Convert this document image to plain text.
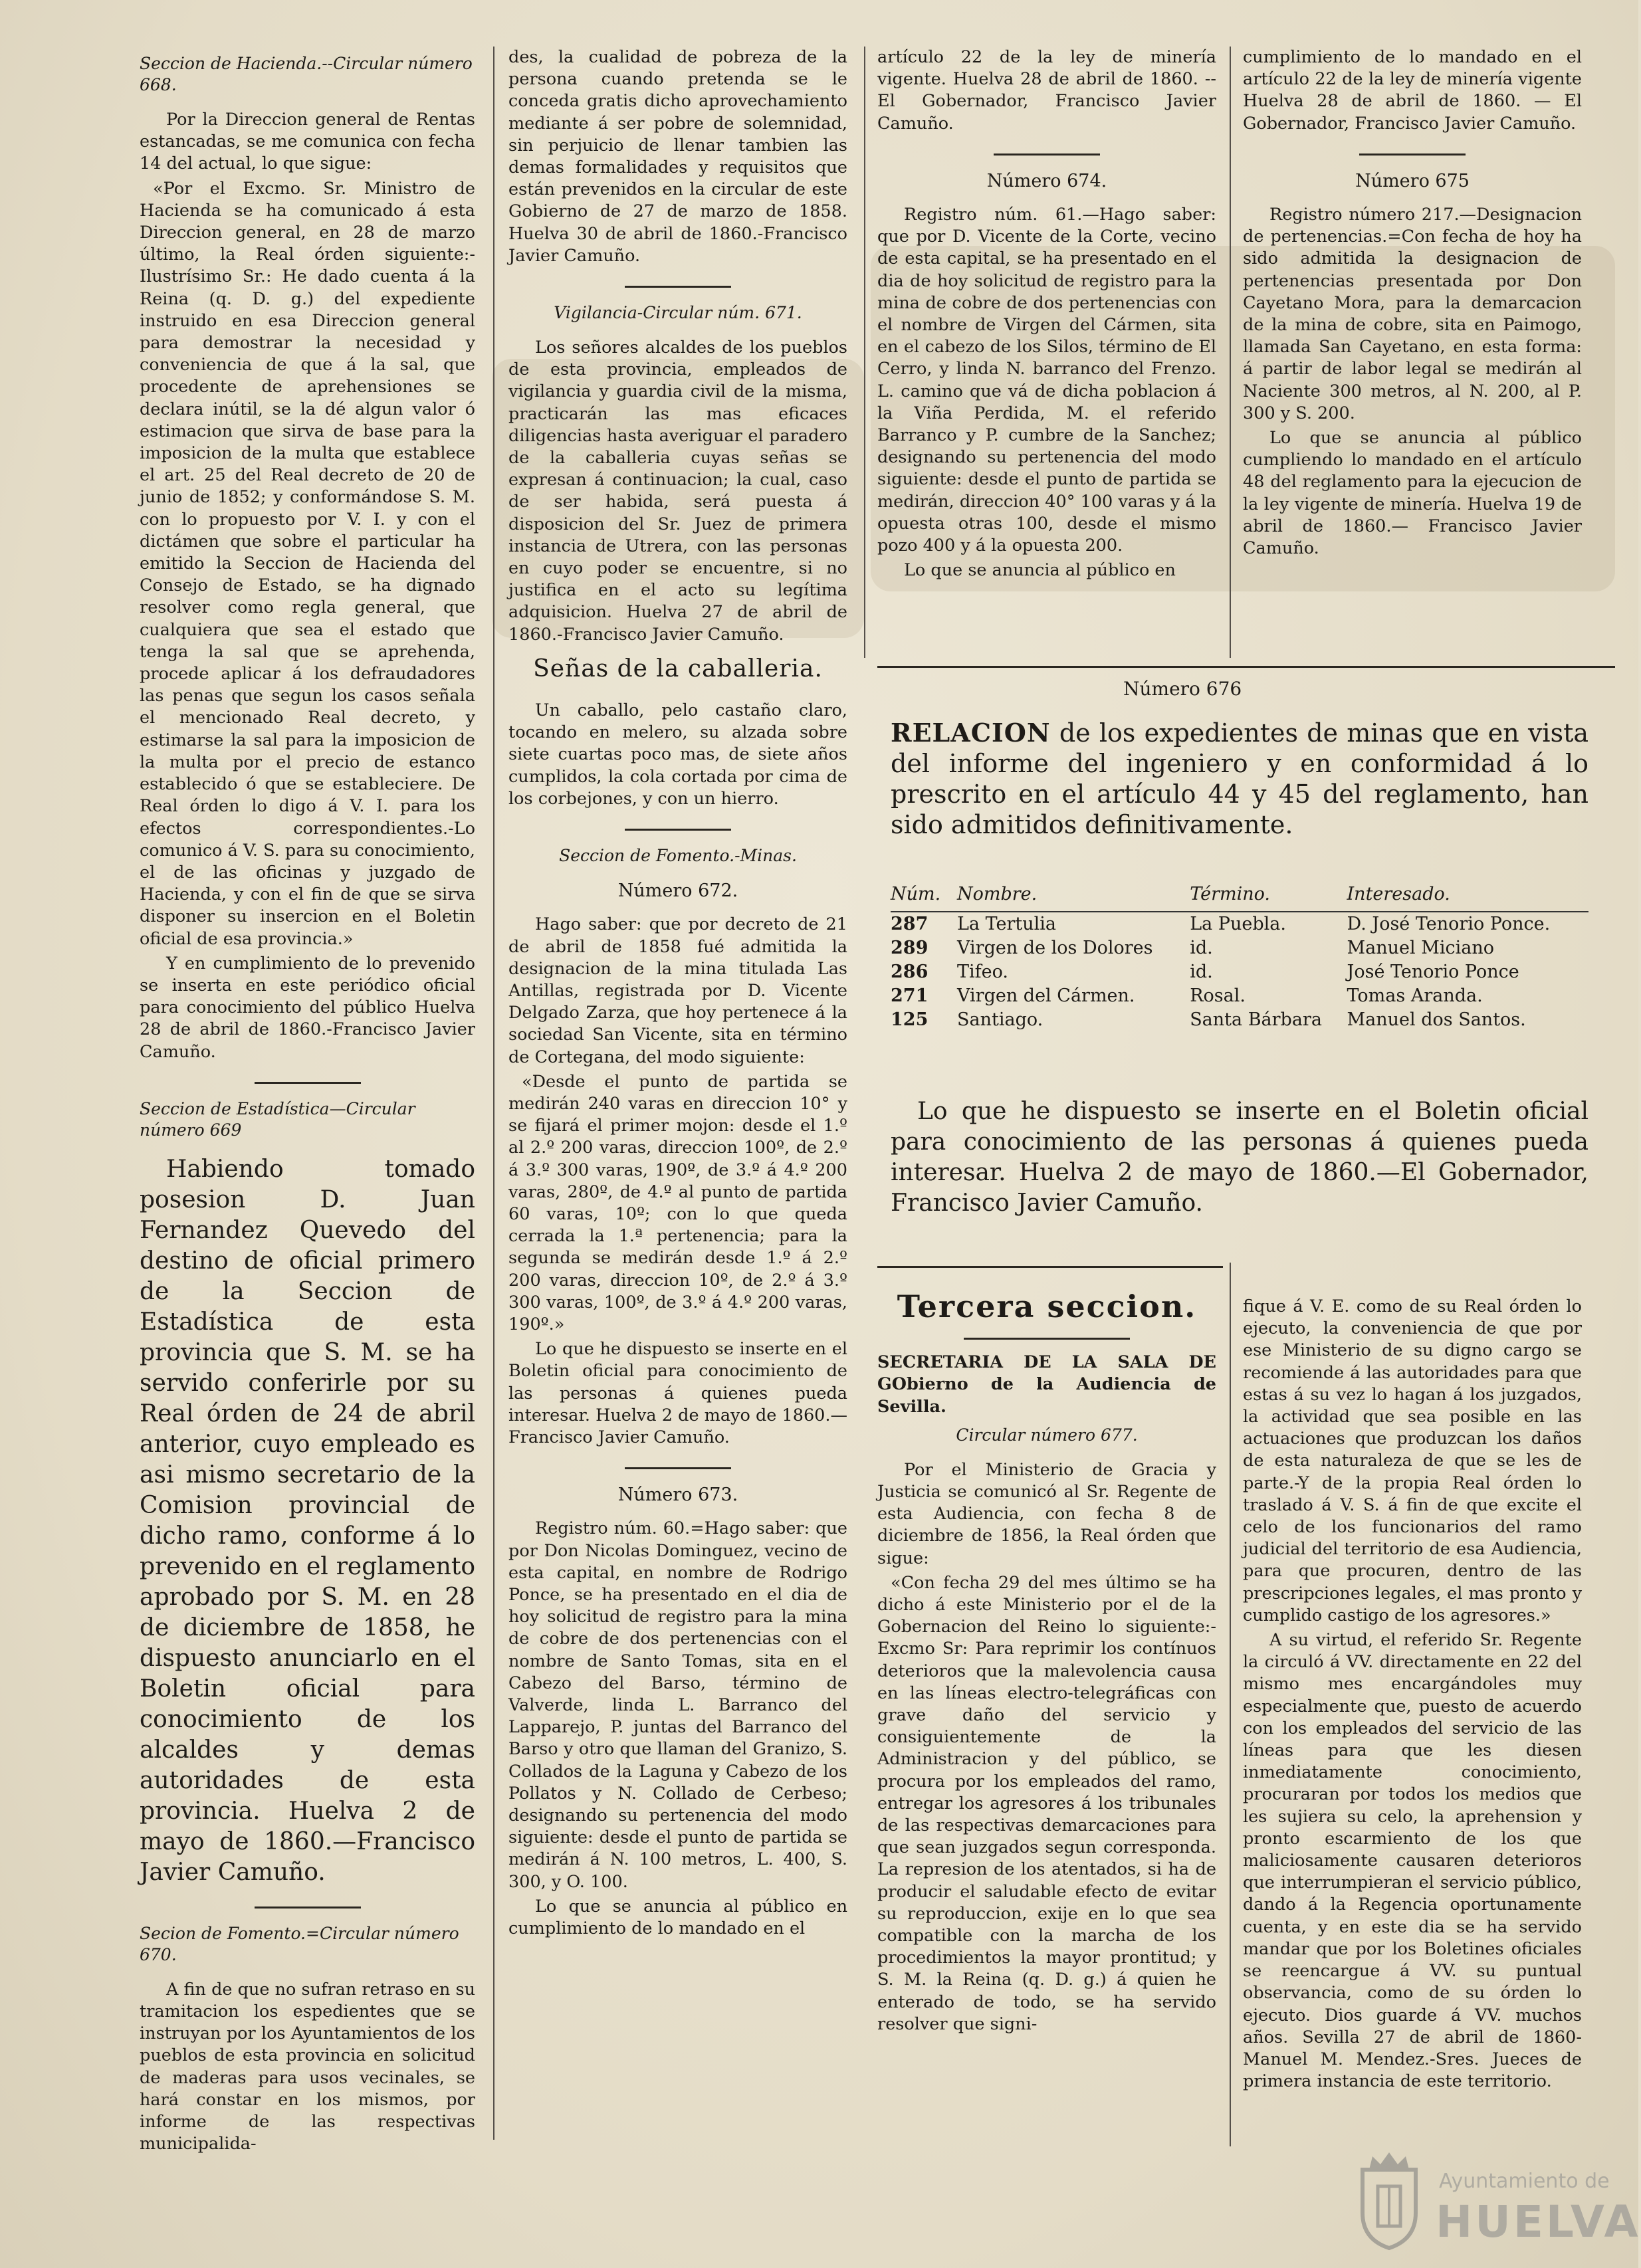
Seccion de Hacienda.--Circular número 668.

Por la Direccion general de Rentas estancadas, se me comunica con fecha 14 del actual, lo que sigue:

«Por el Excmo. Sr. Ministro de Hacienda se ha comunicado á esta Direccion general, en 28 de marzo último, la Real órden siguiente:-Ilustrísimo Sr.: He dado cuenta á la Reina (q. D. g.) del expediente instruido en esa Direccion general para demostrar la necesidad y conveniencia de que á la sal, que procedente de aprehensiones se declara inútil, se la dé algun valor ó estimacion que sirva de base para la imposicion de la multa que establece el art. 25 del Real decreto de 20 de junio de 1852; y conformándose S. M. con lo propuesto por V. I. y con el dictámen que sobre el particular ha emitido la Seccion de Hacienda del Consejo de Estado, se ha dignado resolver como regla general, que cualquiera que sea el estado que tenga la sal que se aprehenda, procede aplicar á los defraudadores las penas que segun los casos señala el mencionado Real decreto, y estimarse la sal para la imposicion de la multa por el precio de estanco establecido ó que se estableciere. De Real órden lo digo á V. I. para los efectos correspondientes.-Lo comunico á V. S. para su conocimiento, el de las oficinas y juzgado de Hacienda, y con el fin de que se sirva disponer su insercion en el Boletin oficial de esa provincia.»

Y en cumplimiento de lo prevenido se inserta en este periódico oficial para conocimiento del público Huelva 28 de abril de 1860.-Francisco Javier Camuño.

Seccion de Estadística—Circular número 669

Habiendo tomado posesion D. Juan Fernandez Quevedo del destino de oficial primero de la Seccion de Estadística de esta provincia que S. M. se ha servido conferirle por su Real órden de 24 de abril anterior, cuyo empleado es asi mismo secretario de la Comision provincial de dicho ramo, conforme á lo prevenido en el reglamento aprobado por S. M. en 28 de diciembre de 1858, he dispuesto anunciarlo en el Boletin oficial para conocimiento de los alcaldes y demas autoridades de esta provincia. Huelva 2 de mayo de 1860.—Francisco Javier Camuño.

Secion de Fomento.=Circular número 670.

A fin de que no sufran retraso en su tramitacion los espedientes que se instruyan por los Ayuntamientos de los pueblos de esta provincia en solicitud de maderas para usos vecinales, se hará constar en los mismos, por informe de las respectivas municipalida-

des, la cualidad de pobreza de la persona cuando pretenda se le conceda gratis dicho aprovechamiento mediante á ser pobre de solemnidad, sin perjuicio de llenar tambien las demas formalidades y requisitos que están prevenidos en la circular de este Gobierno de 27 de marzo de 1858. Huelva 30 de abril de 1860.-Francisco Javier Camuño.

Vigilancia-Circular núm. 671.

Los señores alcaldes de los pueblos de esta provincia, empleados de vigilancia y guardia civil de la misma, practicarán las mas eficaces diligencias hasta averiguar el paradero de la caballeria cuyas señas se expresan á continuacion; la cual, caso de ser habida, será puesta á disposicion del Sr. Juez de primera instancia de Utrera, con las personas en cuyo poder se encuentre, si no justifica en el acto su legítima adquisicion. Huelva 27 de abril de 1860.-Francisco Javier Camuño.

Señas de la caballeria.

Un caballo, pelo castaño claro, tocando en melero, su alzada sobre siete cuartas poco mas, de siete años cumplidos, la cola cortada por cima de los corbejones, y con un hierro.

Seccion de Fomento.-Minas.
Número 672.

Hago saber: que por decreto de 21 de abril de 1858 fué admitida la designacion de la mina titulada Las Antillas, registrada por D. Vicente Delgado Zarza, que hoy pertenece á la sociedad San Vicente, sita en término de Cortegana, del modo siguiente:

«Desde el punto de partida se medirán 240 varas en direccion 10° y se fijará el primer mojon: desde el 1.º al 2.º 200 varas, direccion 100º, de 2.º á 3.º 300 varas, 190º, de 3.º á 4.º 200 varas, 280º, de 4.º al punto de partida 60 varas, 10º; con lo que queda cerrada la 1.ª pertenencia; para la segunda se medirán desde 1.º á 2.º 200 varas, direccion 10º, de 2.º á 3.º 300 varas, 100º, de 3.º á 4.º 200 varas, 190º.»

Lo que he dispuesto se inserte en el Boletin oficial para conocimiento de las personas á quienes pueda interesar. Huelva 2 de mayo de 1860.—Francisco Javier Camuño.

Número 673.

Registro núm. 60.=Hago saber: que por Don Nicolas Dominguez, vecino de esta capital, en nombre de Rodrigo Ponce, se ha presentado en el dia de hoy solicitud de registro para la mina de cobre de dos pertenencias con el nombre de Santo Tomas, sita en el Cabezo del Barso, término de Valverde, linda L. Barranco del Lapparejo, P. juntas del Barranco del Barso y otro que llaman del Granizo, S. Collados de la Laguna y Cabezo de los Pollatos y N. Collado de Cerbeso; designando su pertenencia del modo siguiente: desde el punto de partida se medirán á N. 100 metros, L. 400, S. 300, y O. 100.

Lo que se anuncia al público en cumplimiento de lo mandado en el

artículo 22 de la ley de minería vigente. Huelva 28 de abril de 1860. --El Gobernador, Francisco Javier Camuño.

Número 674.

Registro núm. 61.—Hago saber: que por D. Vicente de la Corte, vecino de esta capital, se ha presentado en el dia de hoy solicitud de registro para la mina de cobre de dos pertenencias con el nombre de Virgen del Cármen, sita en el cabezo de los Silos, término de El Cerro, y linda N. barranco del Frenzo. L. camino que vá de dicha poblacion á la Viña Perdida, M. el referido Barranco y P. cumbre de la Sanchez; designando su pertenencia del modo siguiente: desde el punto de partida se medirán, direccion 40° 100 varas y á la opuesta otras 100, desde el mismo pozo 400 y á la opuesta 200.

Lo que se anuncia al público en

cumplimiento de lo mandado en el artículo 22 de la ley de minería vigente Huelva 28 de abril de 1860. — El Gobernador, Francisco Javier Camuño.

Número 675

Registro número 217.—Designacion de pertenencias.=Con fecha de hoy ha sido admitida la designacion de pertenencias presentada por Don Cayetano Mora, para la demarcacion de la mina de cobre, sita en Paimogo, llamada San Cayetano, en esta forma: á partir de labor legal se medirán al Naciente 300 metros, al N. 200, al P. 300 y S. 200.

Lo que se anuncia al público cumpliendo lo mandado en el artículo 48 del reglamento para la ejecucion de la ley vigente de minería. Huelva 19 de abril de 1860.— Francisco Javier Camuño.

Número 676
RELACION de los expedientes de minas que en vista del informe del ingeniero y en conformidad á lo prescrito en el artículo 44 y 45 del reglamento, han sido admitidos definitivamente.
Núm.	Nombre.	Término.	Interesado.
287	La Tertulia	La Puebla.	D. José Tenorio Ponce.
289	Virgen de los Dolores	id.	Manuel Miciano
286	Tifeo.	id.	José Tenorio Ponce
271	Virgen del Cármen.	Rosal.	Tomas Aranda.
125	Santiago.	Santa Bárbara	Manuel dos Santos.
Lo que he dispuesto se inserte en el Boletin oficial para conocimiento de las personas á quienes pueda interesar. Huelva 2 de mayo de 1860.—El Gobernador, Francisco Javier Camuño.
Tercera seccion.

SECRETARIA DE LA SALA DE GObierno de la Audiencia de Sevilla.

Circular número 677.

Por el Ministerio de Gracia y Justicia se comunicó al Sr. Regente de esta Audiencia, con fecha 8 de diciembre de 1856, la Real órden que sigue:

«Con fecha 29 del mes último se ha dicho á este Ministerio por el de la Gobernacion del Reino lo siguiente:-Excmo Sr: Para reprimir los contínuos deterioros que la malevolencia causa en las líneas electro-telegráficas con grave daño del servicio y consiguientemente de la Administracion y del público, se procura por los empleados del ramo, entregar los agresores á los tribunales de las respectivas demarcaciones para que sean juzgados segun corresponda. La represion de los atentados, si ha de producir el saludable efecto de evitar su reproduccion, exije en lo que sea compatible con la marcha de los procedimientos la mayor prontitud; y S. M. la Reina (q. D. g.) á quien he enterado de todo, se ha servido resolver que signi-

fique á V. E. como de su Real órden lo ejecuto, la conveniencia de que por ese Ministerio de su digno cargo se recomiende á las autoridades para que estas á su vez lo hagan á los juzgados, la actividad que sea posible en las actuaciones que produzcan los daños de esta naturaleza de que se les de parte.-Y de la propia Real órden lo traslado á V. S. á fin de que excite el celo de los funcionarios del ramo judicial del territorio de esa Audiencia, para que procuren, dentro de las prescripciones legales, el mas pronto y cumplido castigo de los agresores.»

A su virtud, el referido Sr. Regente la circuló á VV. directamente en 22 del mismo mes encargándoles muy especialmente que, puesto de acuerdo con los empleados del servicio de las líneas para que les diesen inmediatamente conocimiento, procuraran por todos los medios que les sujiera su celo, la aprehension y pronto escarmiento de los que maliciosamente causaren deterioros que interrumpieran el servicio público, dando á la Regencia oportunamente cuenta, y en este dia se ha servido mandar que por los Boletines oficiales se reencargue á VV. su puntual observancia, como de su órden lo ejecuto. Dios guarde á VV. muchos años. Sevilla 27 de abril de 1860-Manuel M. Mendez.-Sres. Jueces de primera instancia de este territorio.

Ayuntamiento de
HUELVA
